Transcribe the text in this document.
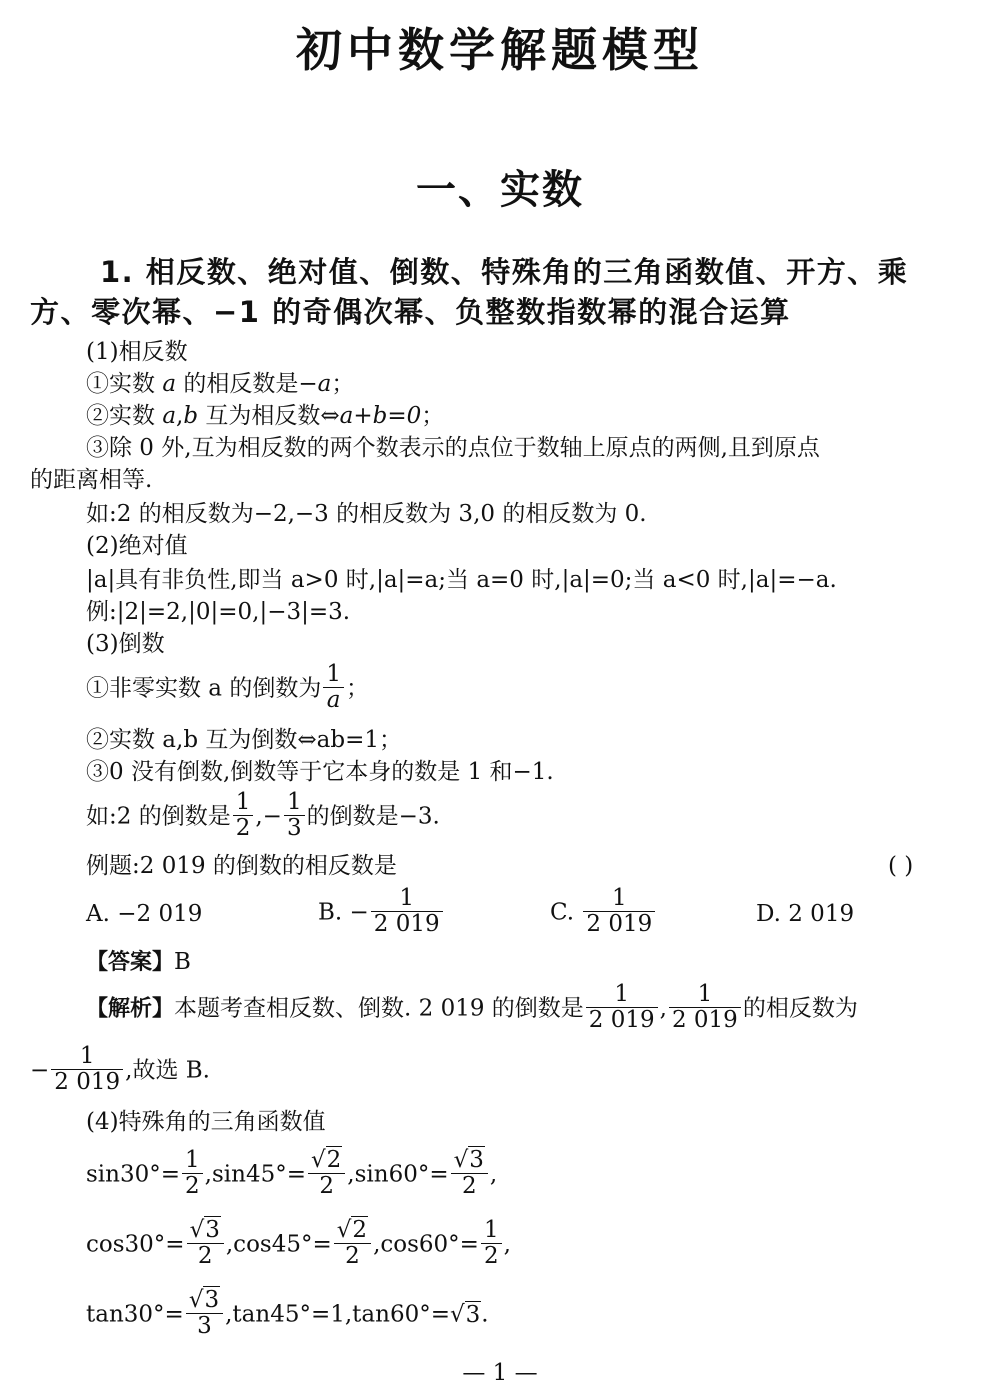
初中数学解题模型
一、实数
1. 相反数、绝对值、倒数、特殊角的三角函数值、开方、乘
方、零次幂、−1 的奇偶次幂、负整数指数幂的混合运算
(1)相反数
①实数 a 的相反数是−a；
②实数 a,b 互为相反数⇔a+b=0；
③除 0 外,互为相反数的两个数表示的点位于数轴上原点的两侧,且到原点
的距离相等.
如:2 的相反数为−2,−3 的相反数为 3,0 的相反数为 0.
(2)绝对值
|a|具有非负性,即当 a>0 时,|a|=a;当 a=0 时,|a|=0;当 a<0 时,|a|=−a.
例:|2|=2,|0|=0,|−3|=3.
(3)倒数
①非零实数 a 的倒数为 $\frac{1}{a}$ ；
②实数 a,b 互为倒数⇔ab=1；
③0 没有倒数,倒数等于它本身的数是 1 和−1.
如:2 的倒数是 $\frac{1}{2}$ ,− $\frac{1}{3}$ 的倒数是−3.
例题:2 019 的倒数的相反数是	( )
A. −2 019	B. − $\frac{1}{2 019}$	C. $\frac{1}{2 019}$	D. 2 019
【答案】B
【解析】本题考查相反数、倒数. 2 019 的倒数是 $\frac{1}{2 019}$ , $\frac{1}{2 019}$ 的相反数为
− $\frac{1}{2 019}$ ,故选 B.
(4)特殊角的三角函数值
$\sin 30^\circ= \frac{1}{2} ,\sin 45^\circ= \frac{√2}{2} ,\sin 60^\circ= \frac{√3}{2}$ ,
$\cos 30^\circ= \frac{√3}{2} ,\cos 45^\circ= \frac{√2}{2} ,\cos 60^\circ= \frac{1}{2}$ ,
$\tan 30^\circ= \frac{√3}{3} ,\tan 45^\circ=1,\tan 60^\circ=√3$.
— 1 —
